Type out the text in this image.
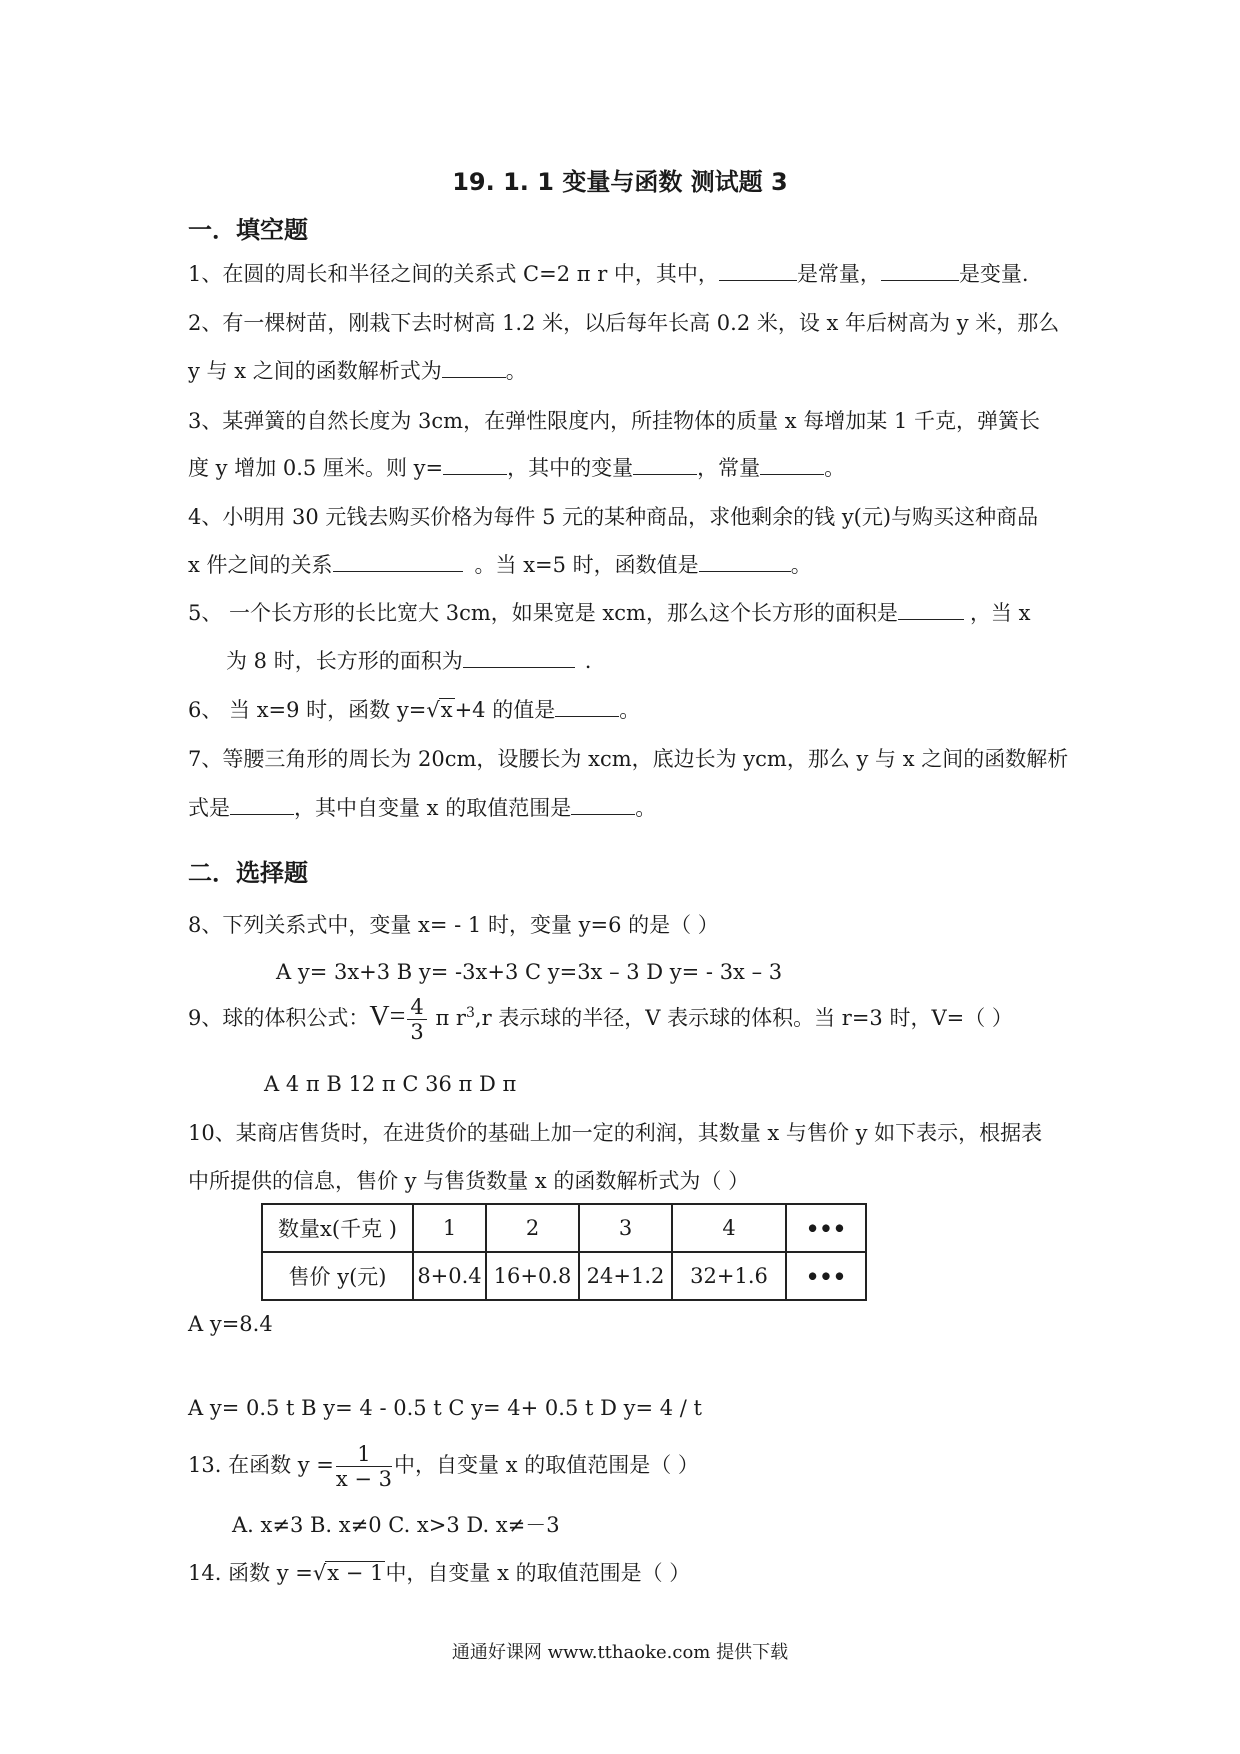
19. 1. 1 变量与函数 测试题 3
一．填空题
1、在圆的周长和半径之间的关系式 C=2 π r 中，其中，	是常量，	是变量.
2、有一棵树苗，刚栽下去时树高 1.2 米，以后每年长高 0.2 米，设 x 年后树高为 y 米，那么
y 与 x 之间的函数解析式为	。
3、某弹簧的自然长度为 3cm，在弹性限度内，所挂物体的质量 x 每增加某 1 千克，弹簧长
度 y 增加 0.5 厘米。则 y=	，其中的变量	，常量	。
4、小明用 30 元钱去购买价格为每件 5 元的某种商品，求他剩余的钱 y(元)与购买这种商品
x 件之间的关系	。当 x=5 时，函数值是	。
5、 一个长方形的长比宽大 3cm，如果宽是 xcm，那么这个长方形的面积是	，当 x
为 8 时，长方形的面积为	.
6、 当 x=9 时，函数 y=√x+4 的值是	。
7、等腰三角形的周长为 20cm，设腰长为 xcm，底边长为 ycm，那么 y 与 x 之间的函数解析
式是	，其中自变量 x 的取值范围是	。
二．选择题
8、下列关系式中，变量 x= - 1 时，变量 y=6 的是（ ）
A y= 3x+3 B y= -3x+3 C y=3x – 3 D y= - 3x – 3
9、球的体积公式：$V= \frac{4}{3}$ π $r^3,r$ 表示球的半径，V 表示球的体积。当 r=3 时，V=（ ）
A 4 π B 12 π C 36 π D π
10、某商店售货时，在进货价的基础上加一定的利润，其数量 x 与售价 y 如下表示，根据表
中所提供的信息，售价 y 与售货数量 x 的函数解析式为（ ）
数量x(千克 )	1	2	3	4	•••
售价 y(元)	8+0.4	16+0.8	24+1.2	32+1.6	•••
A y=8.4
A y= 0.5 t B y= 4 - 0.5 t C y= 4+ 0.5 t D y= 4 / t
13. 在函数 $y = \frac{1}{x - 3}$ 中，自变量 x 的取值范围是（ ）
A. x≠3 B. x≠0 C. x>3 D. x≠－3
14. 函数 y =√x − 1中，自变量 x 的取值范围是（ ）
通通好课网 www.tthaoke.com 提供下载
